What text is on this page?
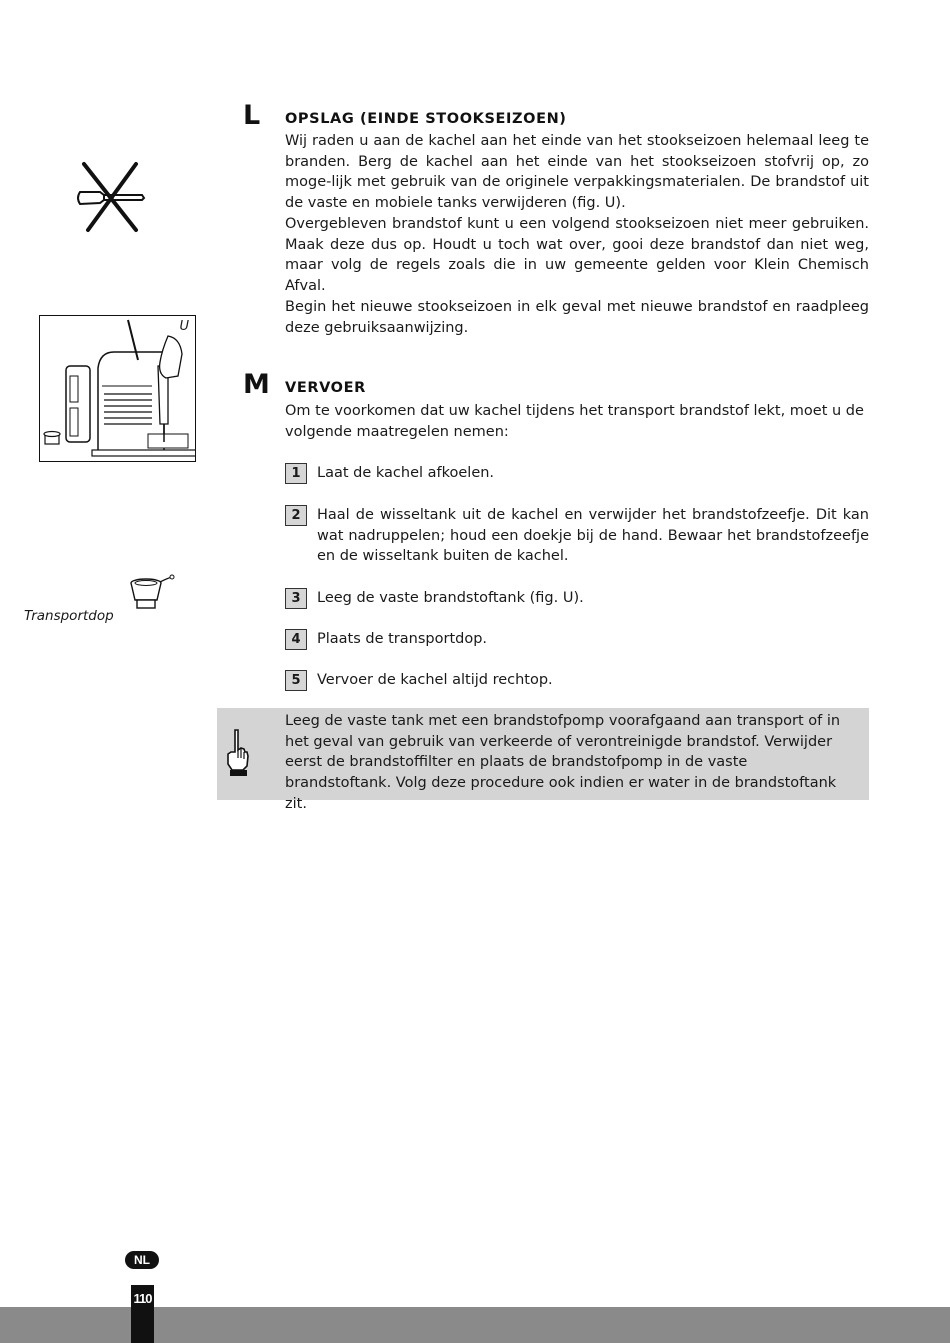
L OPSLAG (EINDE STOOKSEIZOEN)

Wij raden u aan de kachel aan het einde van het stookseizoen helemaal leeg te branden. Berg de kachel aan het einde van het stookseizoen stofvrij op, zo moge-lijk met gebruik van de originele verpakkingsmaterialen. De brandstof uit de vaste en mobiele tanks verwijderen (fig. U).

Overgebleven brandstof kunt u een volgend stookseizoen niet meer gebruiken. Maak deze dus op. Houdt u toch wat over, gooi deze brandstof dan niet weg, maar volg de regels zoals die in uw gemeente gelden voor Klein Chemisch Afval.

Begin het nieuwe stookseizoen in elk geval met nieuwe brandstof en raadpleeg deze gebruiksaanwijzing.

M VERVOER

Om te voorkomen dat uw kachel tijdens het transport brandstof lekt, moet u de volgende maatregelen nemen:

1	Laat de kachel afkoelen.
2	Haal de wisseltank uit de kachel en verwijder het brandstofzeefje. Dit kan wat nadruppelen; houd een doekje bij de hand. Bewaar het brandstofzeefje en de wisseltank buiten de kachel.
3	Leeg de vaste brandstoftank (fig. U).
4	Plaats de transportdop.
5	Vervoer de kachel altijd rechtop.
Leeg de vaste tank met een brandstofpomp voorafgaand aan transport of in het geval van gebruik van verkeerde of verontreinigde brandstof. Verwijder eerst de brandstoffilter en plaats de brandstofpomp in de vaste brandstoftank. Volg deze procedure ook indien er water in de brandstoftank zit.
U
Transportdop
NL
110
